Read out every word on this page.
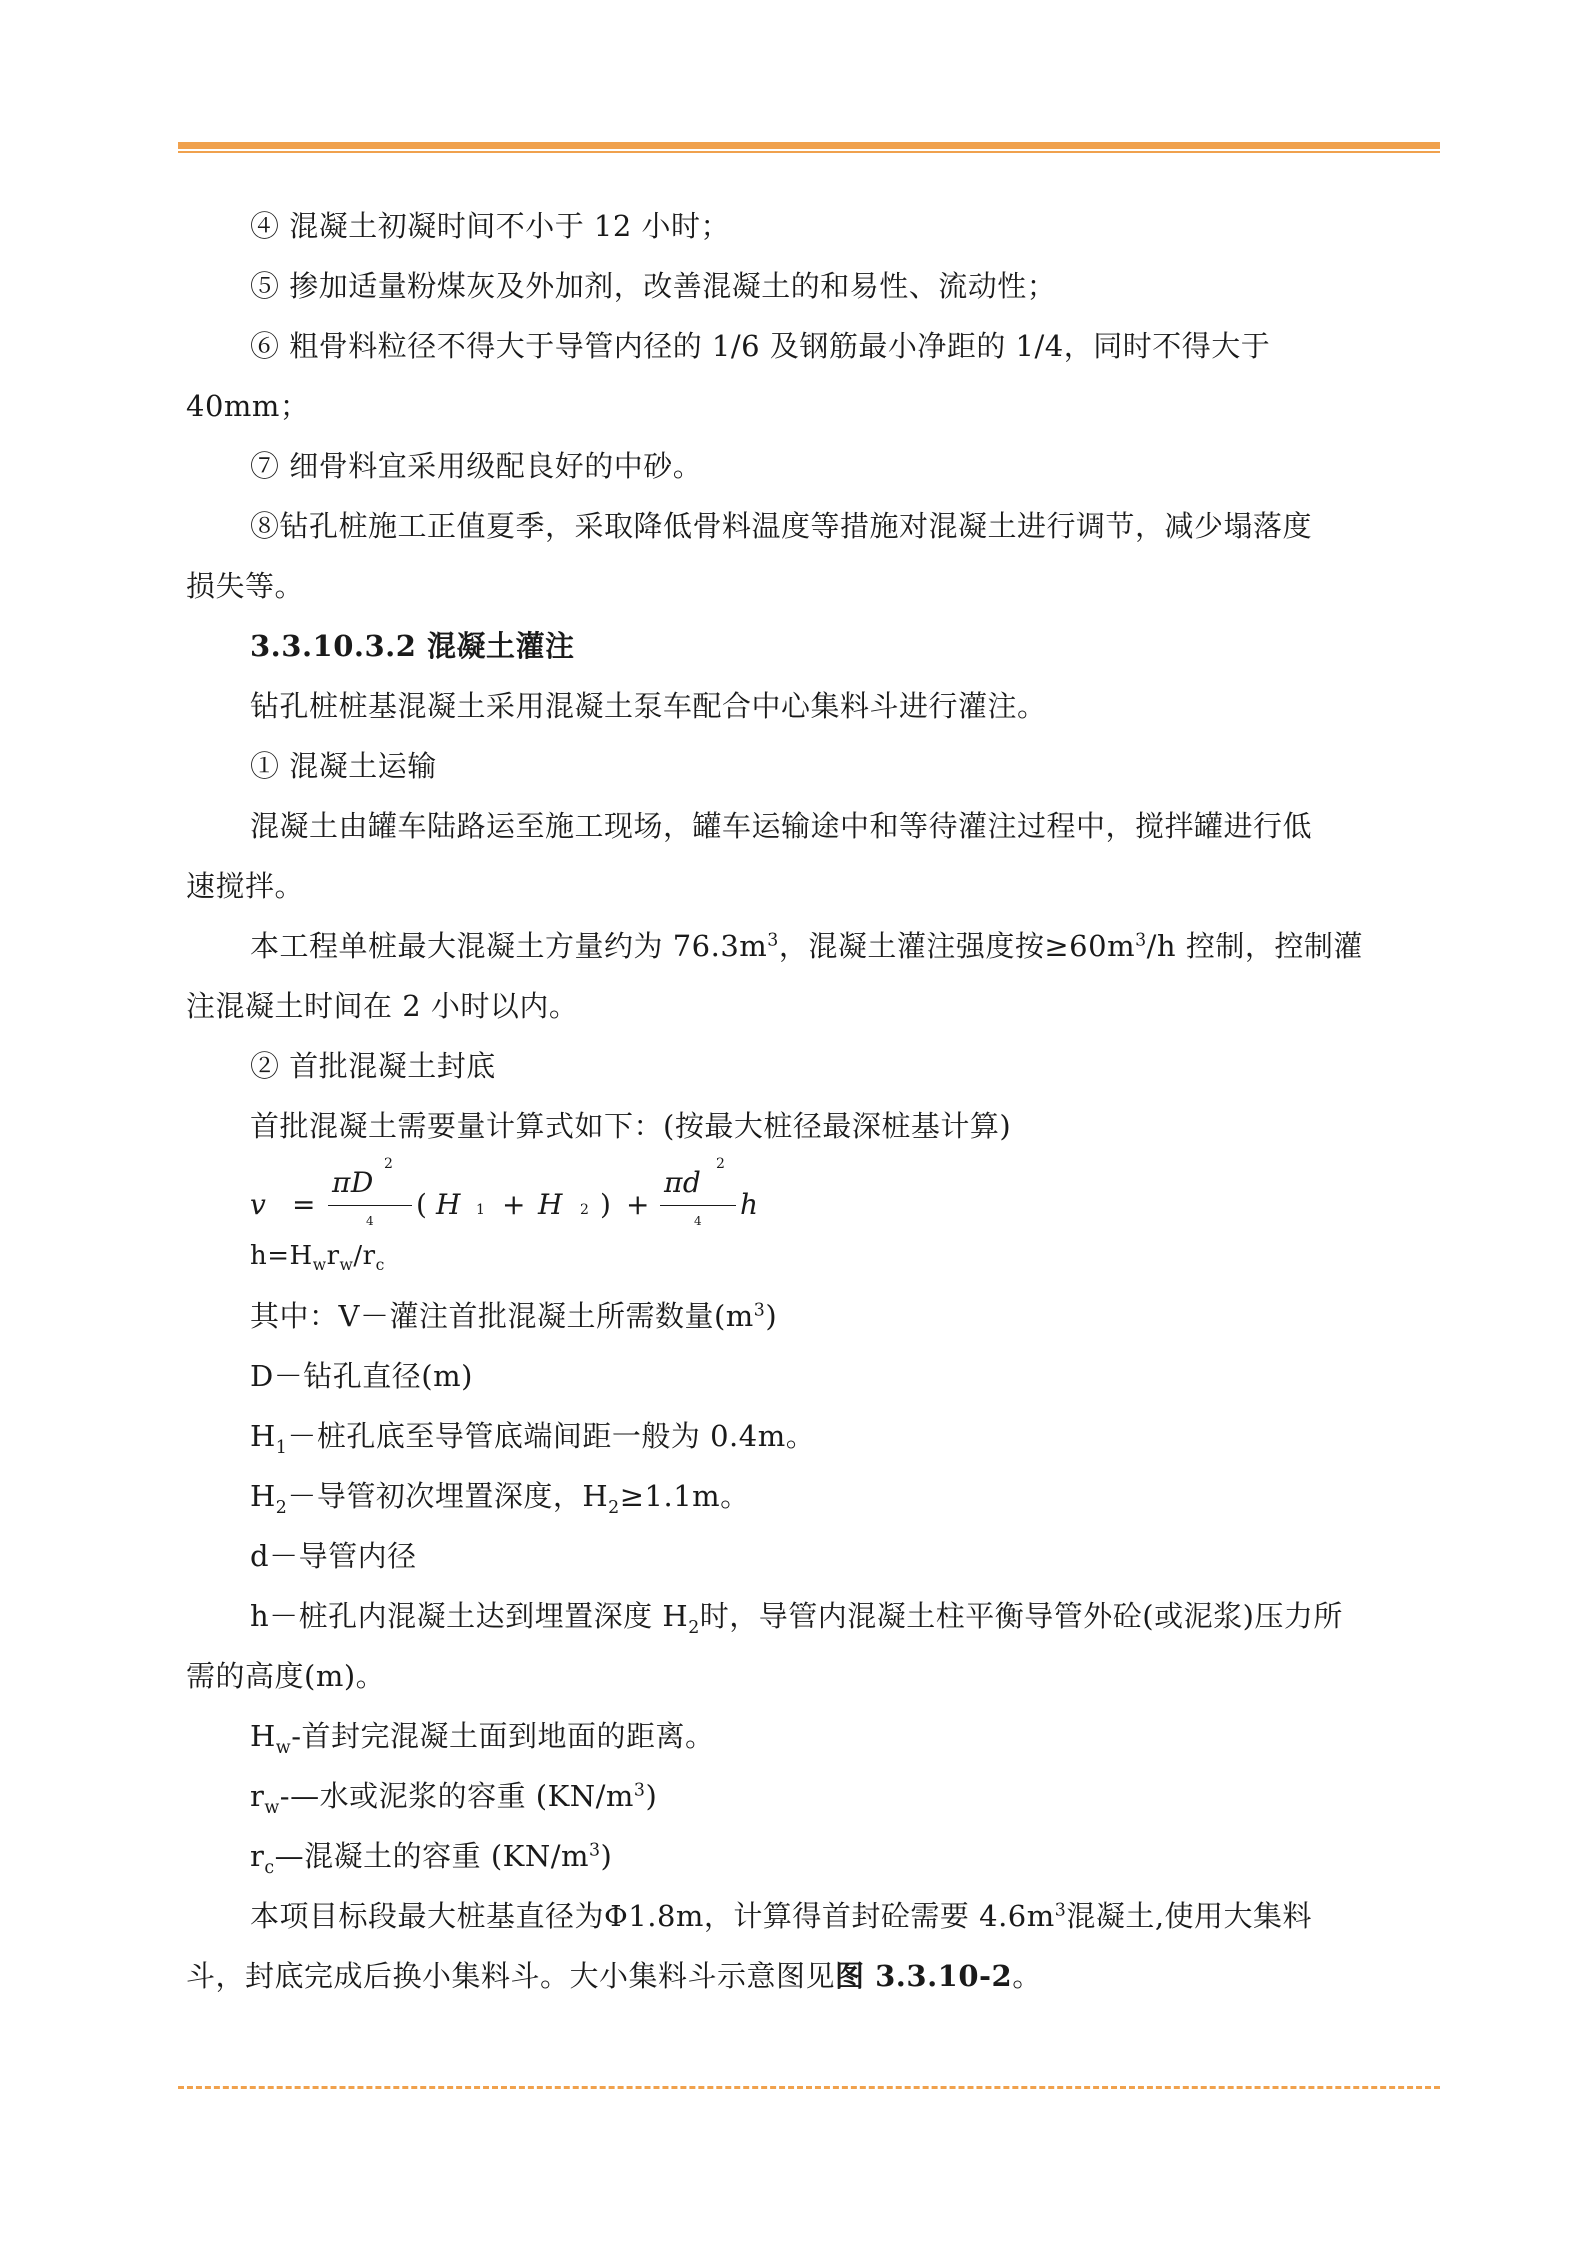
④ 混凝土初凝时间不小于 12 小时；
⑤ 掺加适量粉煤灰及外加剂，改善混凝土的和易性、流动性；
⑥ 粗骨料粒径不得大于导管内径的 1/6 及钢筋最小净距的 1/4，同时不得大于
40mm；
⑦ 细骨料宜采用级配良好的中砂。
⑧钻孔桩施工正值夏季，采取降低骨料温度等措施对混凝土进行调节，减少塌落度
损失等。
3.3.10.3.2 混凝土灌注
钻孔桩桩基混凝土采用混凝土泵车配合中心集料斗进行灌注。
① 混凝土运输
混凝土由罐车陆路运至施工现场，罐车运输途中和等待灌注过程中，搅拌罐进行低
速搅拌。
本工程单桩最大混凝土方量约为 $76.3m^3$，混凝土灌注强度按$\ge 60m^3/h$ 控制，控制灌
注混凝土时间在 2 小时以内。
② 首批混凝土封底
首批混凝土需要量计算式如下：(按最大桩径最深桩基计算)
v =
πD
2
4 ( H 1 + H 2 ) +
πd
2
4 h
$h=H_wr_w/r_c$
其中：V－灌注首批混凝土所需数量$(m^3)$
D－钻孔直径(m)
$H_1-$桩孔底至导管底端间距一般为 0.4m。
$H_2-$导管初次埋置深度，$H_2\ge 1.1m$。
d－导管内径
h－桩孔内混凝土达到埋置深度 $H_2$时，导管内混凝土柱平衡导管外砼(或泥浆)压力所
需的高度(m)。
$H_w-$首封完混凝土面到地面的距离。
$r_w-—$水或泥浆的容重 $(KN/m^3)$
$r_c—$混凝土的容重 $(KN/m^3)$
本项目标段最大桩基直径为Φ1.8m，计算得首封砼需要 $4.6m^3$混凝土,使用大集料
斗，封底完成后换小集料斗。大小集料斗示意图见图 3.3.10-2。
